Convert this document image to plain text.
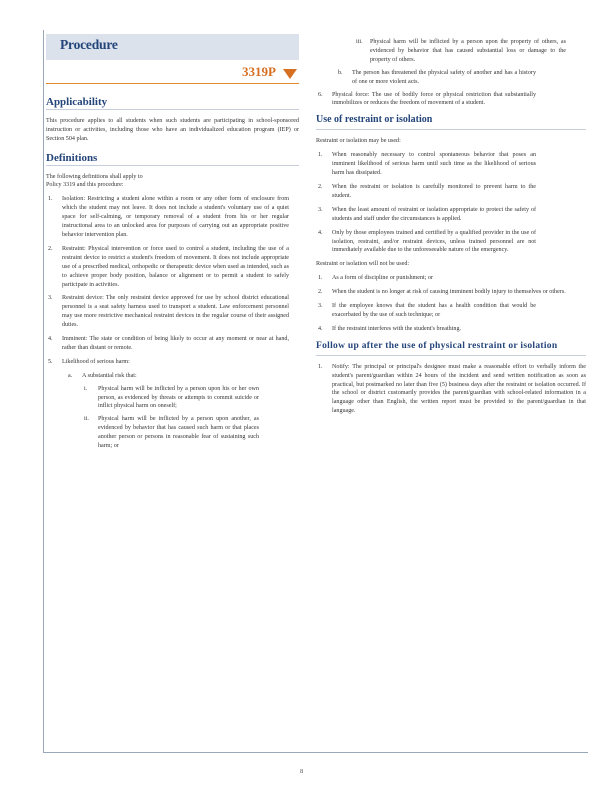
Procedure
3319P
Applicability

This procedure applies to all students when such students are participating in school-sponsored instruction or activities, including those who have an individualized education program (IEP) or Section 504 plan.

Definitions

The following definitions shall apply to Policy 3319 and this procedure:

1.	Isolation: Restricting a student alone within a room or any other form of enclosure from which the student may not leave. It does not include a student's voluntary use of a quiet space for self-calming, or temporary removal of a student from his or her regular instructional area to an unlocked area for purposes of carrying out an appropriate positive behavior intervention plan.
2.	Restraint: Physical intervention or force used to control a student, including the use of a restraint device to restrict a student's freedom of movement. It does not include appropriate use of a prescribed medical, orthopedic or therapeutic device when used as intended, such as to achieve proper body position, balance or alignment or to permit a student to safely participate in activities.
3.	Restraint device: The only restraint device approved for use by school district educational personnel is a seat safety harness used to transport a student. Law enforcement personnel may use more restrictive mechanical restraint devices in the regular course of their assigned duties.
4.	Imminent: The state or condition of being likely to occur at any moment or near at hand, rather than distant or remote.
5.	Likelihood of serious harm:
a.	A substantial risk that:
i.	Physical harm will be inflicted by a person upon his or her own person, as evidenced by threats or attempts to commit suicide or inflict physical harm on oneself;
ii.	Physical harm will be inflicted by a person upon another, as evidenced by behavior that has caused such harm or that places another person or persons in reasonable fear of sustaining such harm; or
iii.	Physical harm will be inflicted by a person upon the property of others, as evidenced by behavior that has caused substantial loss or damage to the property of others.
b.	The person has threatened the physical safety of another and has a history of one or more violent acts.
6.	Physical force: The use of bodily force or physical restriction that substantially immobilizes or reduces the freedom of movement of a student.
Use of restraint or isolation

Restraint or isolation may be used:

1.	When reasonably necessary to control spontaneous behavior that poses an imminent likelihood of serious harm until such time as the likelihood of serious harm has dissipated.
2.	When the restraint or isolation is carefully monitored to prevent harm to the student.
3.	When the least amount of restraint or isolation appropriate to protect the safety of students and staff under the circumstances is applied.
4.	Only by those employees trained and certified by a qualified provider in the use of isolation, restraint, and/or restraint devices, unless trained personnel are not immediately available due to the unforeseeable nature of the emergency.

Restraint or isolation will not be used:

1.	As a form of discipline or punishment; or
2.	When the student is no longer at risk of causing imminent bodily injury to themselves or others.
3.	If the employee knows that the student has a health condition that would be exacerbated by the use of such technique; or
4.	If the restraint interferes with the student's breathing.
Follow up after the use of physical restraint or isolation
1.	Notify: The principal or principal's designee must make a reasonable effort to verbally inform the student's parent/guardian within 24 hours of the incident and send written notification as soon as practical, but postmarked no later than five (5) business days after the restraint or isolation occurred. If the school or district customarily provides the parent/guardian with school-related information in a language other than English, the written report must be provided to the parent/guardian in that language.
8
